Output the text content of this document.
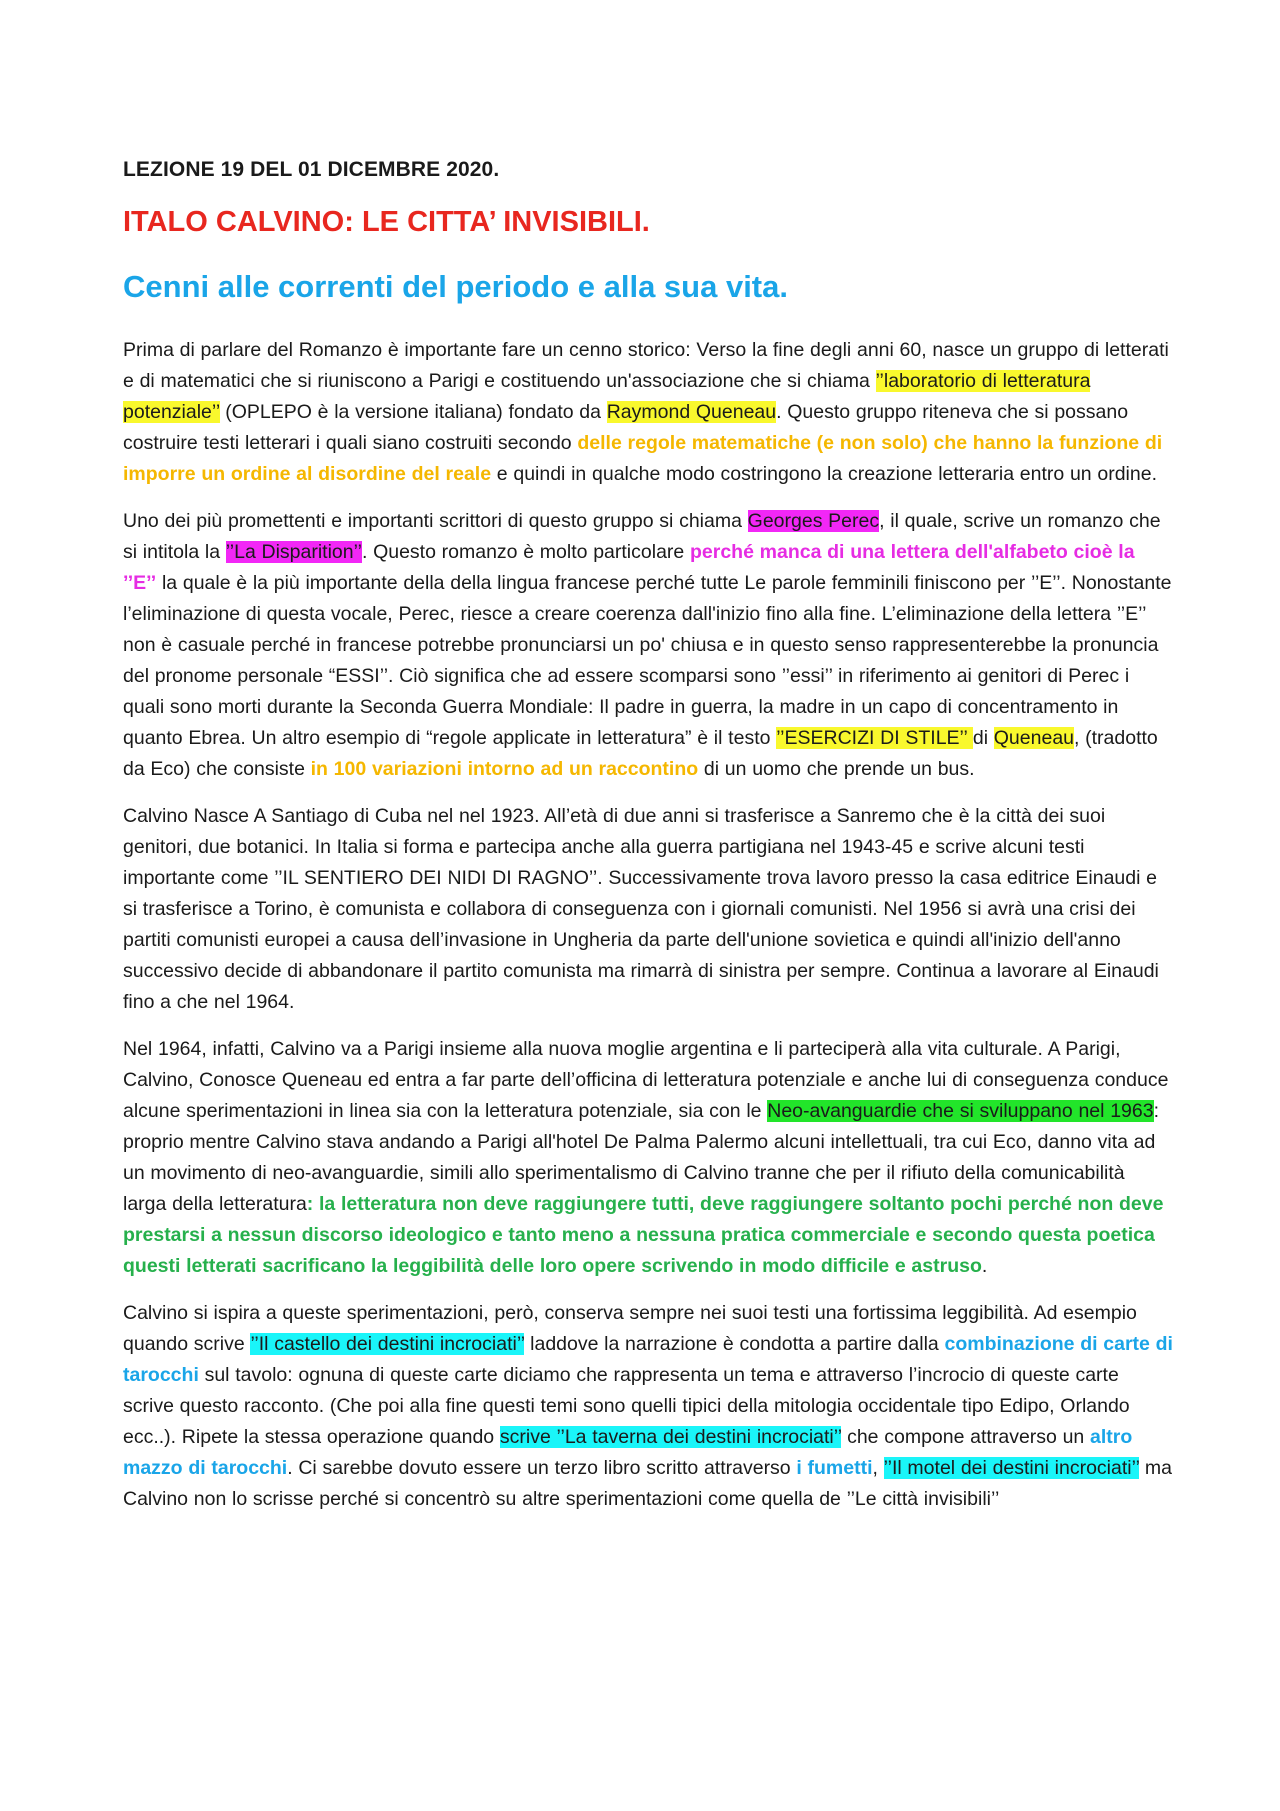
LEZIONE 19 DEL 01 DICEMBRE 2020.
ITALO CALVINO: LE CITTA’ INVISIBILI.
Cenni alle correnti del periodo e alla sua vita.

Prima di parlare del Romanzo è importante fare un cenno storico: Verso la fine degli anni 60, nasce un gruppo di letterati e di matematici che si riuniscono a Parigi e costituendo un'associazione che si chiama ’’laboratorio di letteratura potenziale’’ (OPLEPO è la versione italiana) fondato da Raymond Queneau. Questo gruppo riteneva che si possano costruire testi letterari i quali siano costruiti secondo delle regole matematiche (e non solo) che hanno la funzione di imporre un ordine al disordine del reale e quindi in qualche modo costringono la creazione letteraria entro un ordine.

Uno dei più promettenti e importanti scrittori di questo gruppo si chiama Georges Perec, il quale, scrive un romanzo che si intitola la ’’La Disparition’’. Questo romanzo è molto particolare perché manca di una lettera dell'alfabeto cioè la ’’E’’ la quale è la più importante della della lingua francese perché tutte Le parole femminili finiscono per ’’E’’. Nonostante l’eliminazione di questa vocale, Perec, riesce a creare coerenza dall'inizio fino alla fine. L’eliminazione della lettera ’’E’’ non è casuale perché in francese potrebbe pronunciarsi un po' chiusa e in questo senso rappresenterebbe la pronuncia del pronome personale “ESSI’’. Ciò significa che ad essere scomparsi sono ’’essi’’ in riferimento ai genitori di Perec i quali sono morti durante la Seconda Guerra Mondiale: Il padre in guerra, la madre in un capo di concentramento in quanto Ebrea. Un altro esempio di “regole applicate in letteratura” è il testo ’’ESERCIZI DI STILE’’ di Queneau, (tradotto da Eco) che consiste in 100 variazioni intorno ad un raccontino di un uomo che prende un bus.

Calvino Nasce A Santiago di Cuba nel nel 1923. All’età di due anni si trasferisce a Sanremo che è la città dei suoi genitori, due botanici. In Italia si forma e partecipa anche alla guerra partigiana nel 1943-45 e scrive alcuni testi importante come ’’IL SENTIERO DEI NIDI DI RAGNO’’. Successivamente trova lavoro presso la casa editrice Einaudi e si trasferisce a Torino, è comunista e collabora di conseguenza con i giornali comunisti. Nel 1956 si avrà una crisi dei partiti comunisti europei a causa dell’invasione in Ungheria da parte dell'unione sovietica e quindi all'inizio dell'anno successivo decide di abbandonare il partito comunista ma rimarrà di sinistra per sempre. Continua a lavorare al Einaudi fino a che nel 1964.

Nel 1964, infatti, Calvino va a Parigi insieme alla nuova moglie argentina e li parteciperà alla vita culturale. A Parigi, Calvino, Conosce Queneau ed entra a far parte dell’officina di letteratura potenziale e anche lui di conseguenza conduce alcune sperimentazioni in linea sia con la letteratura potenziale, sia con le Neo-avanguardie che si sviluppano nel 1963: proprio mentre Calvino stava andando a Parigi all'hotel De Palma Palermo alcuni intellettuali, tra cui Eco, danno vita ad un movimento di neo-avanguardie, simili allo sperimentalismo di Calvino tranne che per il rifiuto della comunicabilità larga della letteratura: la letteratura non deve raggiungere tutti, deve raggiungere soltanto pochi perché non deve prestarsi a nessun discorso ideologico e tanto meno a nessuna pratica commerciale e secondo questa poetica questi letterati sacrificano la leggibilità delle loro opere scrivendo in modo difficile e astruso.

Calvino si ispira a queste sperimentazioni, però, conserva sempre nei suoi testi una fortissima leggibilità. Ad esempio quando scrive ’’Il castello dei destini incrociati’’ laddove la narrazione è condotta a partire dalla combinazione di carte di tarocchi sul tavolo: ognuna di queste carte diciamo che rappresenta un tema e attraverso l’incrocio di queste carte scrive questo racconto. (Che poi alla fine questi temi sono quelli tipici della mitologia occidentale tipo Edipo, Orlando ecc..). Ripete la stessa operazione quando scrive ’’La taverna dei destini incrociati’’ che compone attraverso un altro mazzo di tarocchi. Ci sarebbe dovuto essere un terzo libro scritto attraverso i fumetti, ’’Il motel dei destini incrociati’’ ma Calvino non lo scrisse perché si concentrò su altre sperimentazioni come quella de ’’Le città invisibili’’
